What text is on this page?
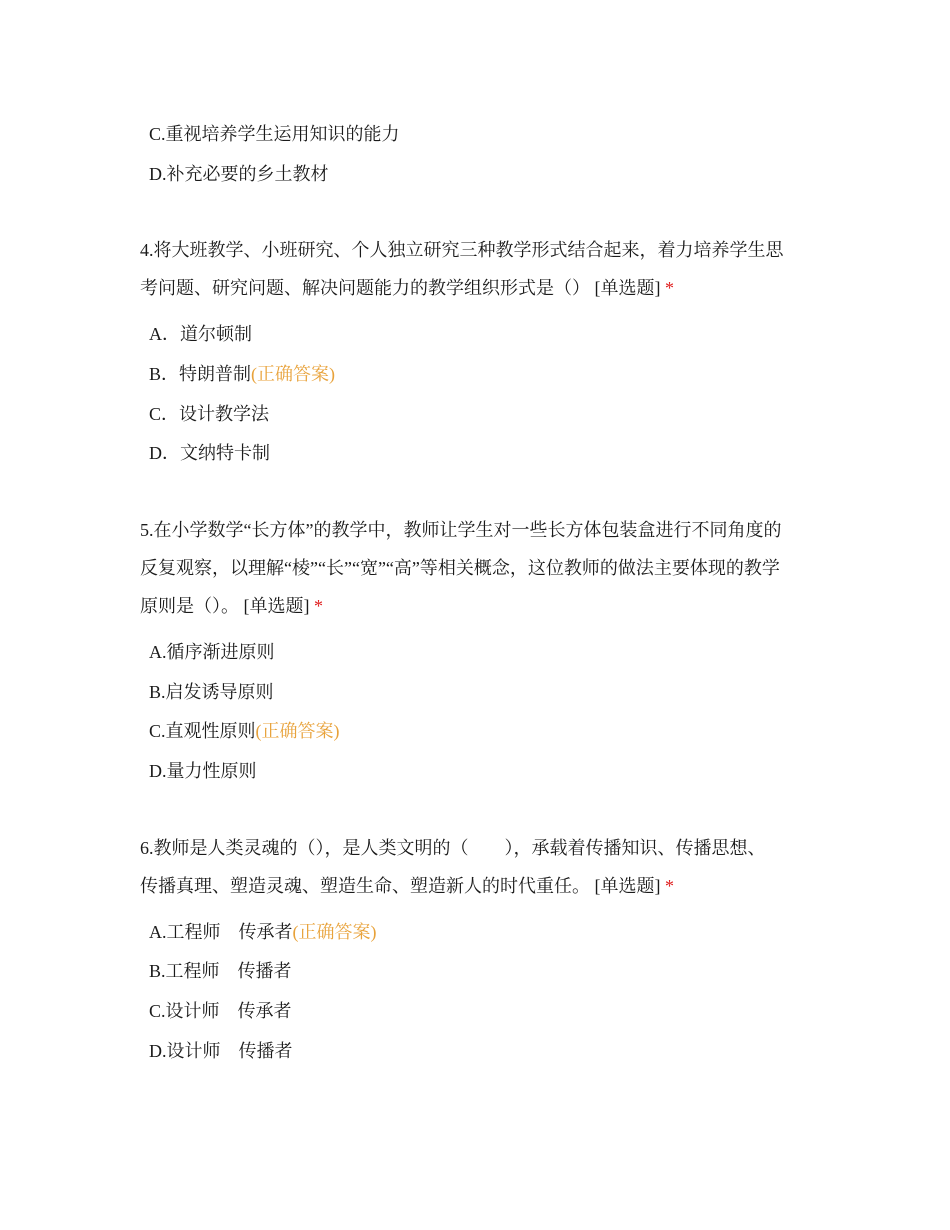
C.重视培养学生运用知识的能力
D.补充必要的乡土教材
4.将大班教学、小班研究、个人独立研究三种教学形式结合起来，着力培养学生思
考问题、研究问题、解决问题能力的教学组织形式是（） [单选题] *
A．道尔顿制
B．特朗普制(正确答案)
C．设计教学法
D．文纳特卡制
5.在小学数学“长方体”的教学中，教师让学生对一些长方体包装盒进行不同角度的
反复观察，以理解“棱”“长”“宽”“高”等相关概念，这位教师的做法主要体现的教学
原则是（）。 [单选题] *
A.循序渐进原则
B.启发诱导原则
C.直观性原则(正确答案)
D.量力性原则
6.教师是人类灵魂的（），是人类文明的（　　），承载着传播知识、传播思想、
传播真理、塑造灵魂、塑造生命、塑造新人的时代重任。 [单选题] *
A.工程师　传承者(正确答案)
B.工程师　传播者
C.设计师　传承者
D.设计师　传播者
